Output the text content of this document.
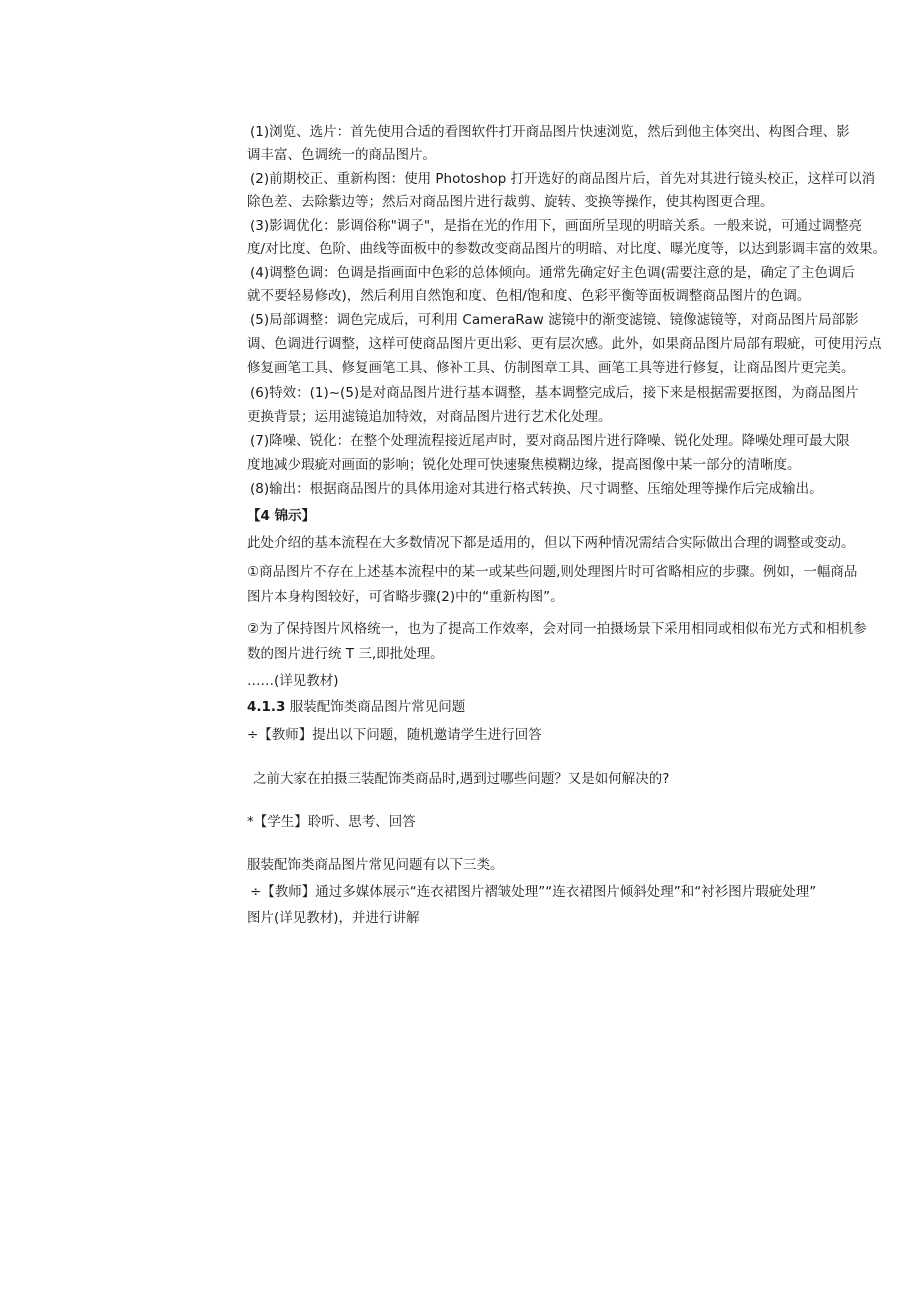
(1)浏览、选片：首先使用合适的看图软件打开商品图片快速浏览，然后到他主体突出、构图合理、影
调丰富、色调统一的商品图片。
(2)前期校正、重新构图：使用 Photoshop 打开选好的商品图片后，首先对其进行镜头校正，这样可以消
除色差、去除紫边等；然后对商品图片进行裁剪、旋转、变换等操作，使其构图更合理。
(3)影调优化：影调俗称"调子"，是指在光的作用下，画面所呈现的明暗关系。一般来说，可通过调整亮
度/对比度、色阶、曲线等面板中的参数改变商品图片的明暗、对比度、曝光度等，以达到影调丰富的效果。
(4)调整色调：色调是指画面中色彩的总体倾向。通常先确定好主色调(需要注意的是，确定了主色调后
就不要轻易修改)，然后利用自然饱和度、色相/饱和度、色彩平衡等面板调整商品图片的色调。
(5)局部调整：调色完成后，可利用 CameraRaw 滤镜中的渐变滤镜、镜像滤镜等，对商品图片局部影
调、色调进行调整，这样可使商品图片更出彩、更有层次感。此外，如果商品图片局部有瑕疵，可使用污点
修复画笔工具、修复画笔工具、修补工具、仿制图章工具、画笔工具等进行修复，让商品图片更完美。
(6)特效：(1)~(5)是对商品图片进行基本调整，基本调整完成后，接下来是根据需要抠图，为商品图片
更换背景；运用滤镜追加特效，对商品图片进行艺术化处理。
(7)降噪、锐化：在整个处理流程接近尾声时，要对商品图片进行降噪、锐化处理。降噪处理可最大限
度地减少瑕疵对画面的影响；锐化处理可快速聚焦模糊边缘，提高图像中某一部分的清晰度。
(8)输出：根据商品图片的具体用途对其进行格式转换、尺寸调整、压缩处理等操作后完成输出。
【4 锦示】
此处介绍的基本流程在大多数情况下都是适用的，但以下两种情况需结合实际做出合理的调整或变动。
①商品图片不存在上述基本流程中的某一或某些问题,则处理图片时可省略相应的步骤。例如，一幅商品
图片本身构图较好，可省略步骤(2)中的“重新构图”。
②为了保持图片风格统一，也为了提高工作效率，会对同一拍摄场景下采用相同或相似布光方式和相机参
数的图片进行统 T 三,即批处理。
……(详见教材)
4.1.3 服装配饰类商品图片常见问题
÷【教师】提出以下问题，随机邀请学生进行回答
之前大家在拍摄三装配饰类商品时,遇到过哪些问题？又是如何解决的?
*【学生】聆听、思考、回答
服装配饰类商品图片常见问题有以下三类。
÷【教师】通过多媒体展示“连衣裙图片褶皱处理”“连衣裙图片倾斜处理”和“衬衫图片瑕疵处理”
图片(详见教材)，并进行讲解
